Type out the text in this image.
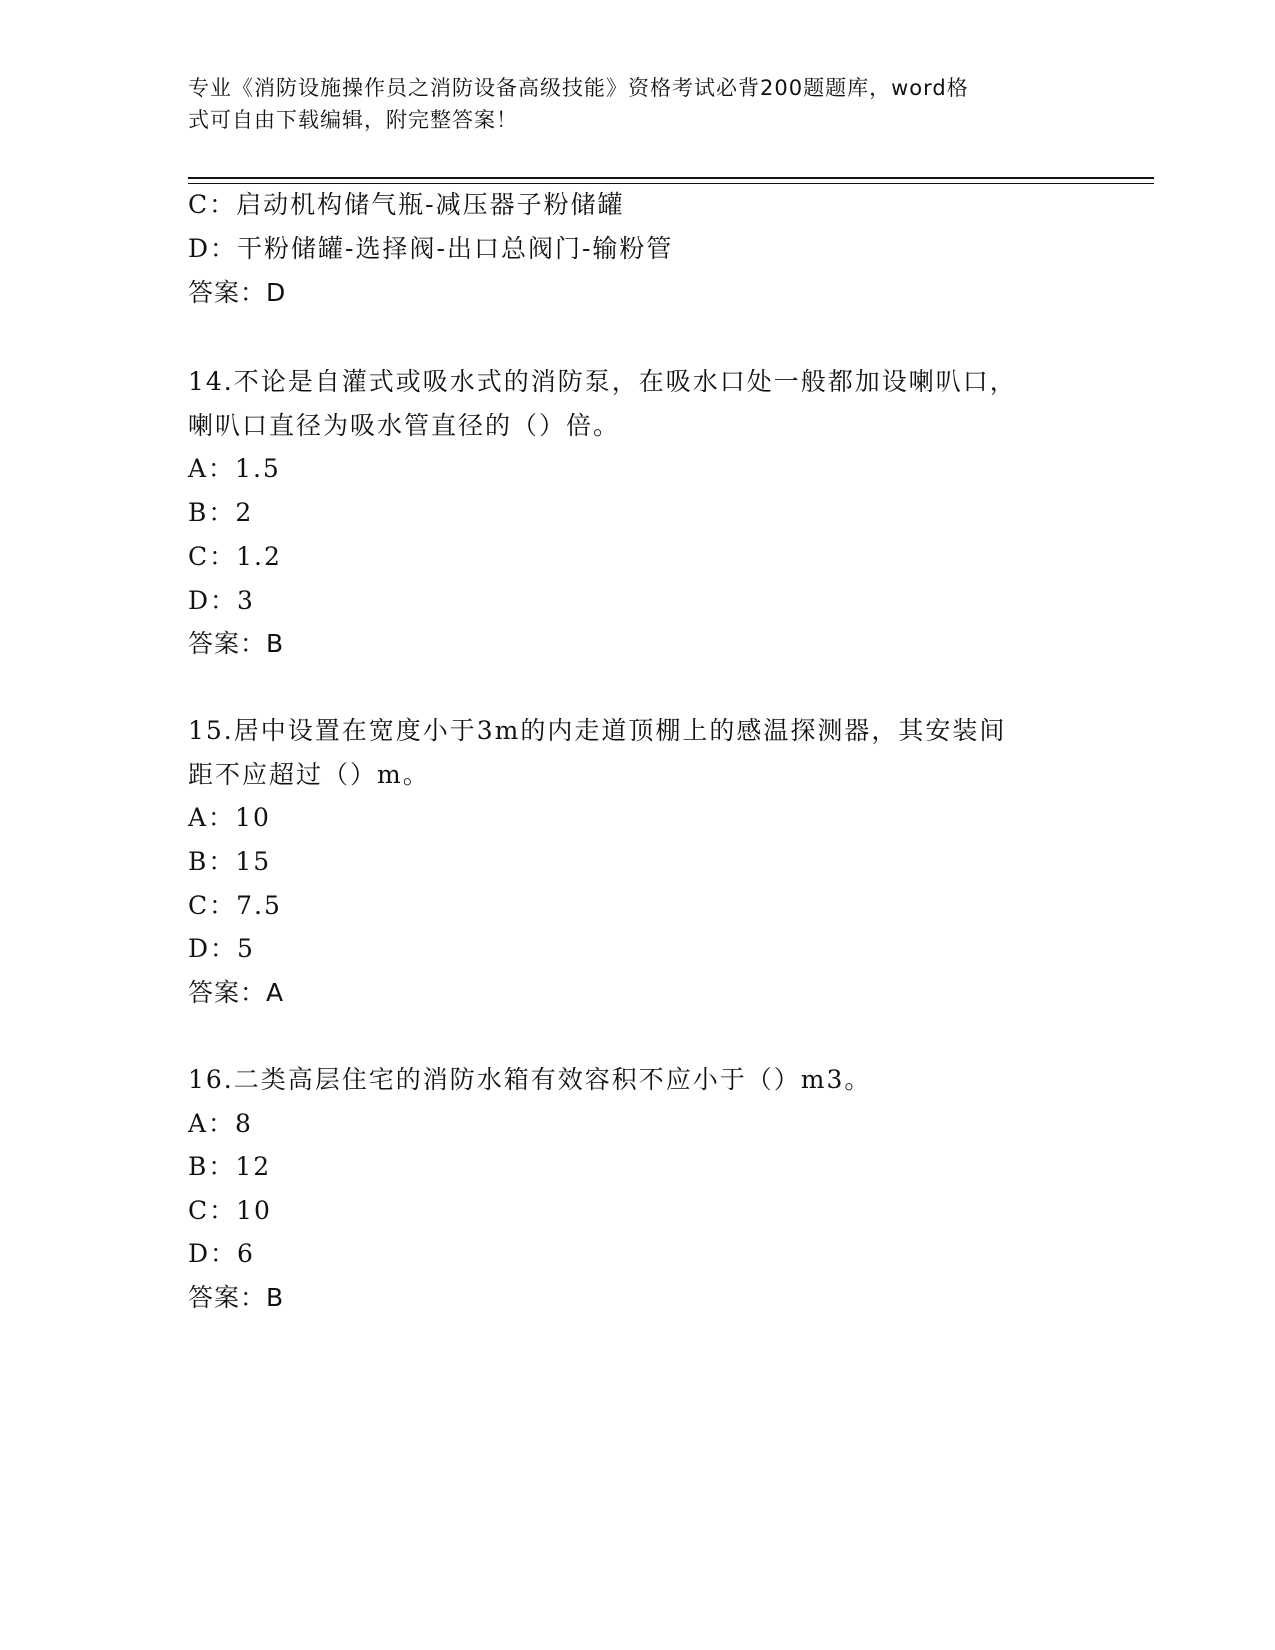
专业《消防设施操作员之消防设备高级技能》资格考试必背200题题库，word格
式可自由下载编辑，附完整答案！
C：启动机构储气瓶-减压器子粉储罐
D：干粉储罐-选择阀-出口总阀门-输粉管
答案：D
14.不论是自灌式或吸水式的消防泵，在吸水口处一般都加设喇叭口，
喇叭口直径为吸水管直径的（）倍。
A：1.5
B：2
C：1.2
D：3
答案：B
15.居中设置在宽度小于3m的内走道顶棚上的感温探测器，其安装间
距不应超过（）m。
A：10
B：15
C：7.5
D：5
答案：A
16.二类高层住宅的消防水箱有效容积不应小于（）m3。
A：8
B：12
C：10
D：6
答案：B
